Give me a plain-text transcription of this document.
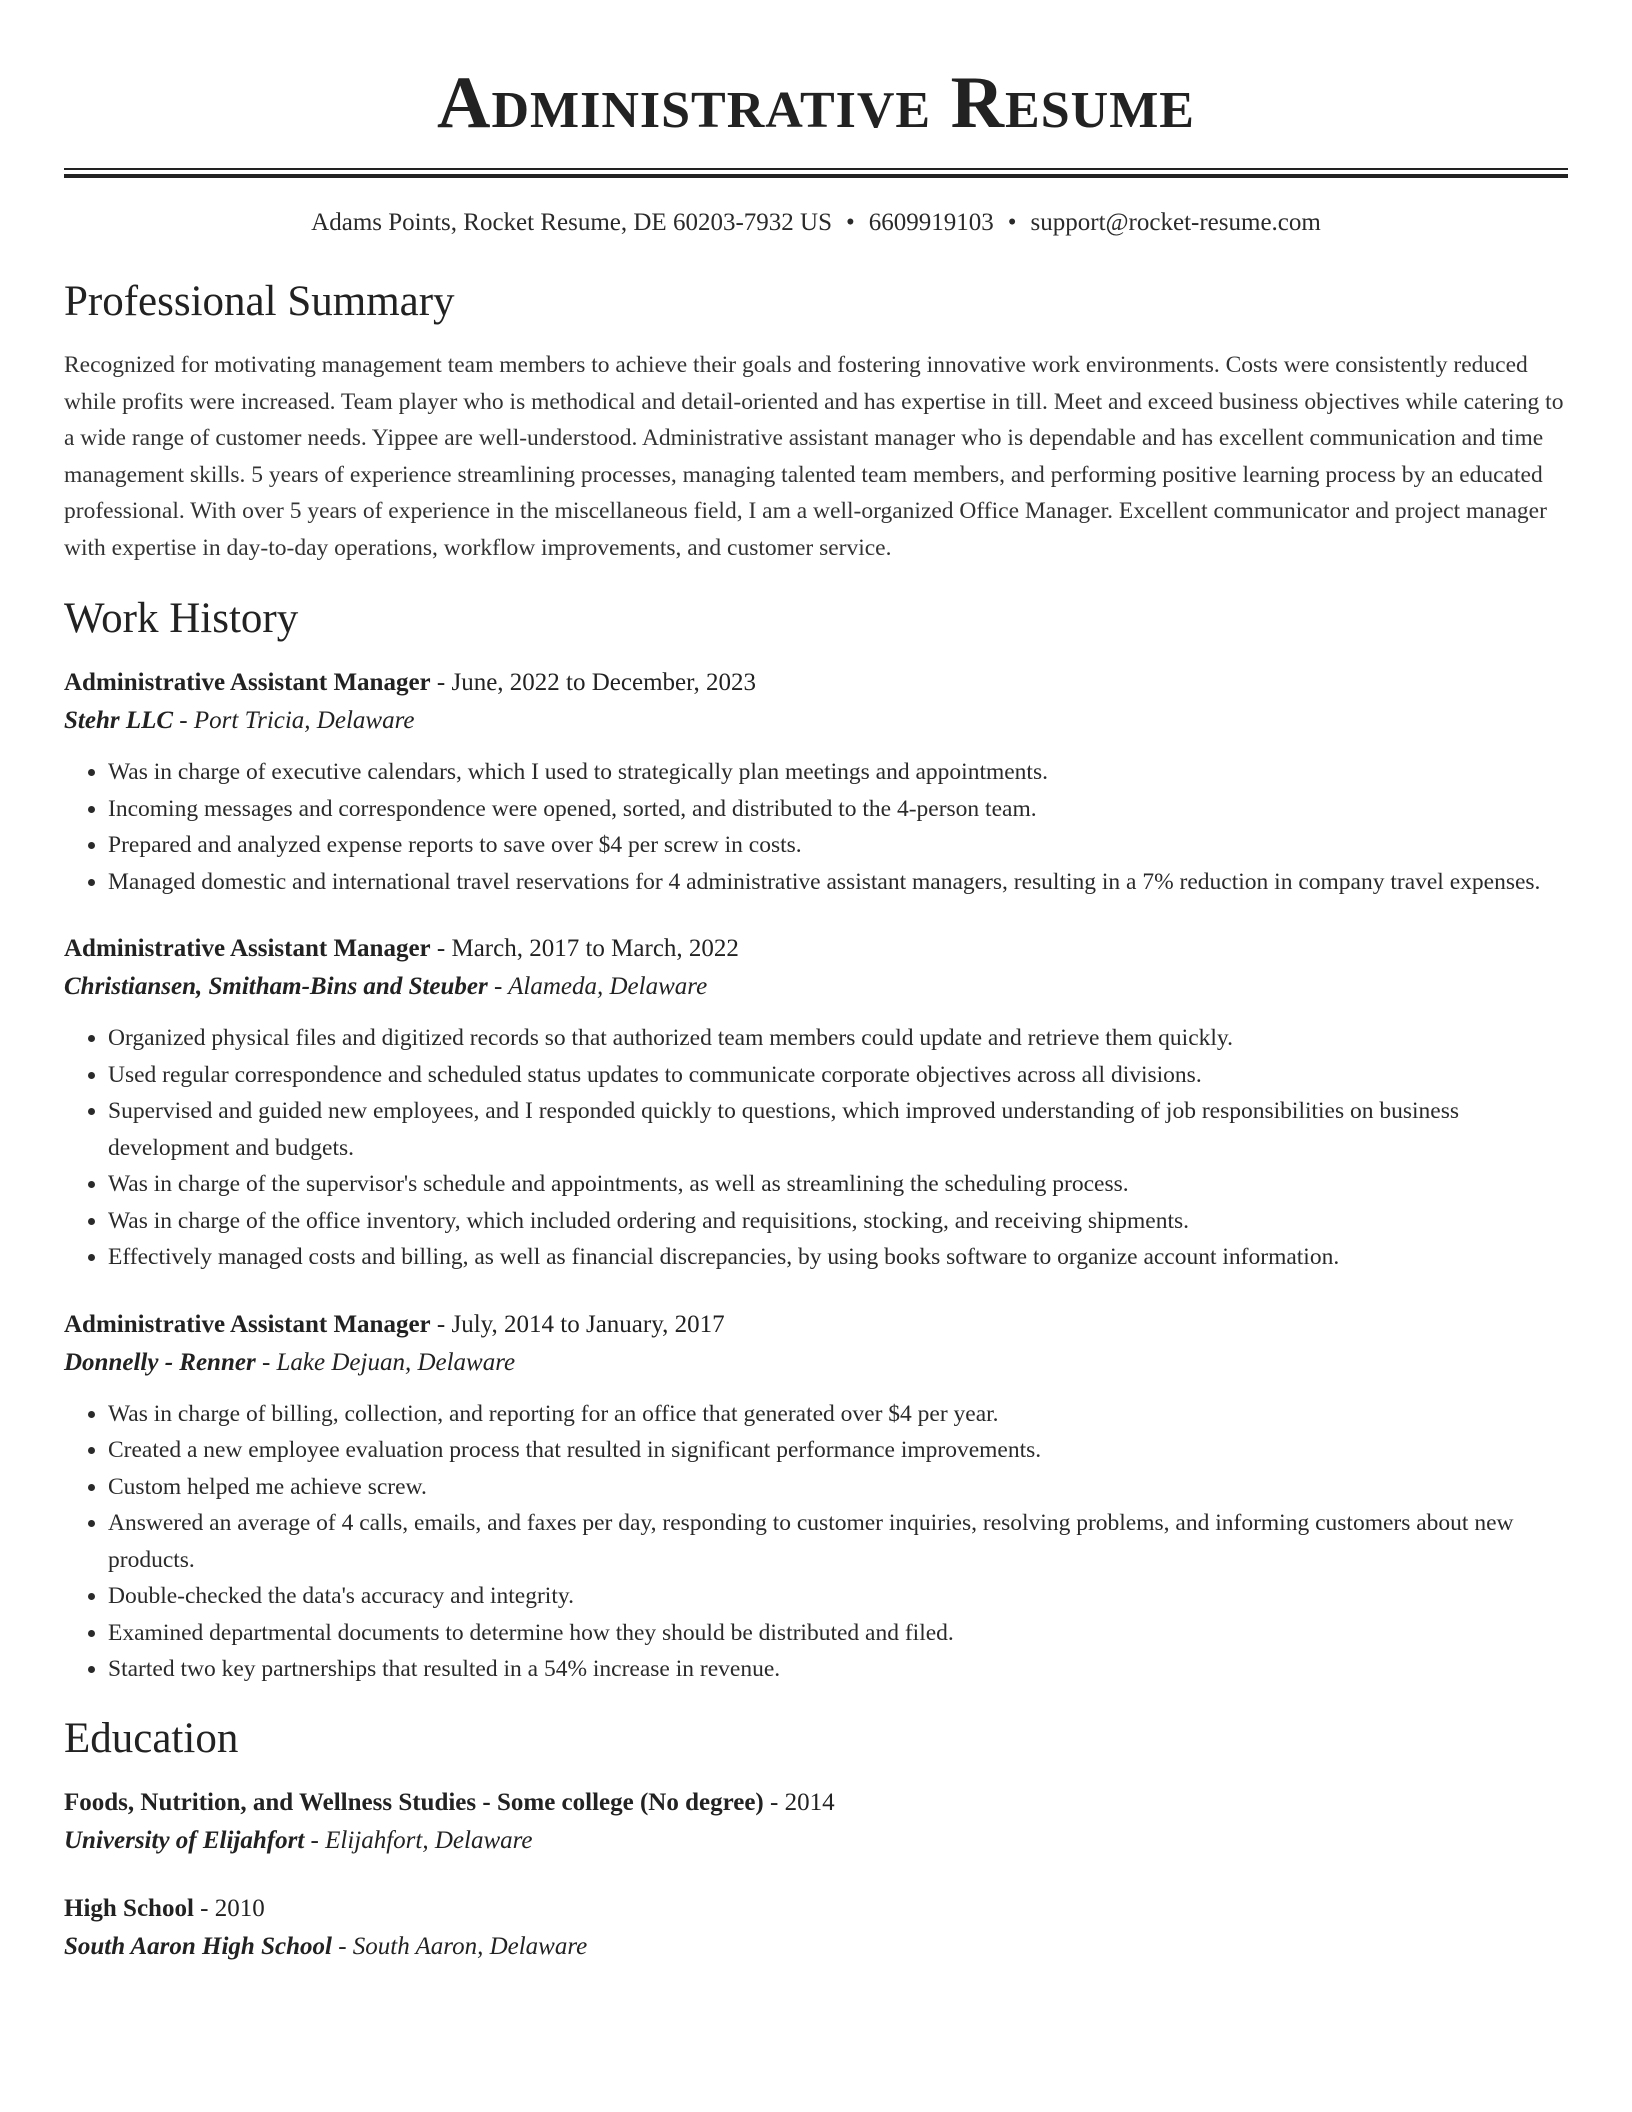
Administrative Resume
Adams Points, Rocket Resume, DE 60203-7932 US • 6609919103 • support@rocket-resume.com
Professional Summary

Recognized for motivating management team members to achieve their goals and fostering innovative work environments. Costs were consistently reduced while profits were increased. Team player who is methodical and detail-oriented and has expertise in till. Meet and exceed business objectives while catering to a wide range of customer needs. Yippee are well-understood. Administrative assistant manager who is dependable and has excellent communication and time management skills. 5 years of experience streamlining processes, managing talented team members, and performing positive learning process by an educated professional. With over 5 years of experience in the miscellaneous field, I am a well-organized Office Manager. Excellent communicator and project manager with expertise in day-to-day operations, workflow improvements, and customer service.

Work History
Administrative Assistant Manager - June, 2022 to December, 2023
Stehr LLC - Port Tricia, Delaware
• Was in charge of executive calendars, which I used to strategically plan meetings and appointments.
• Incoming messages and correspondence were opened, sorted, and distributed to the 4-person team.
• Prepared and analyzed expense reports to save over $4 per screw in costs.
• Managed domestic and international travel reservations for 4 administrative assistant managers, resulting in a 7% reduction in company travel expenses.
Administrative Assistant Manager - March, 2017 to March, 2022
Christiansen, Smitham-Bins and Steuber - Alameda, Delaware
• Organized physical files and digitized records so that authorized team members could update and retrieve them quickly.
• Used regular correspondence and scheduled status updates to communicate corporate objectives across all divisions.
• Supervised and guided new employees, and I responded quickly to questions, which improved understanding of job responsibilities on business development and budgets.
• Was in charge of the supervisor's schedule and appointments, as well as streamlining the scheduling process.
• Was in charge of the office inventory, which included ordering and requisitions, stocking, and receiving shipments.
• Effectively managed costs and billing, as well as financial discrepancies, by using books software to organize account information.
Administrative Assistant Manager - July, 2014 to January, 2017
Donnelly - Renner - Lake Dejuan, Delaware
• Was in charge of billing, collection, and reporting for an office that generated over $4 per year.
• Created a new employee evaluation process that resulted in significant performance improvements.
• Custom helped me achieve screw.
• Answered an average of 4 calls, emails, and faxes per day, responding to customer inquiries, resolving problems, and informing customers about new products.
• Double-checked the data's accuracy and integrity.
• Examined departmental documents to determine how they should be distributed and filed.
• Started two key partnerships that resulted in a 54% increase in revenue.
Education
Foods, Nutrition, and Wellness Studies - Some college (No degree) - 2014
University of Elijahfort - Elijahfort, Delaware
High School - 2010
South Aaron High School - South Aaron, Delaware
